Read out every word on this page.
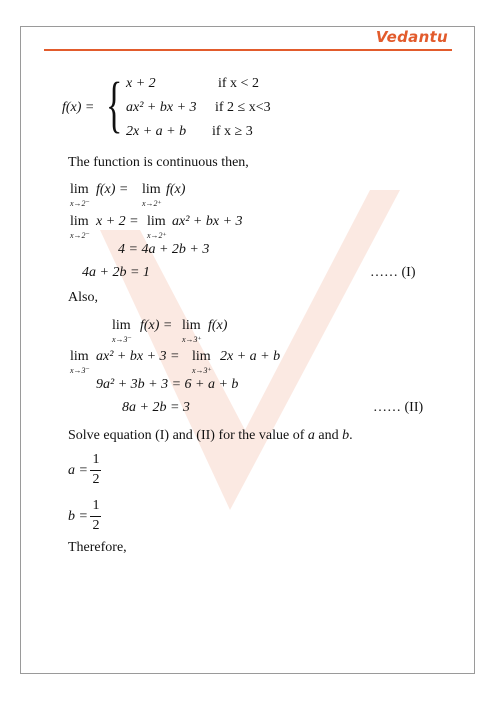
Vedantu
f(x) = { x + 2	if x < 2
ax² + bx + 3 if 2 ≤ x<3
2x + a + b if x ≥ 3
The function is continuous then,
lim
x→2⁻
f(x) = lim
x→2⁺
f(x)
lim
x→2⁻
x + 2 = lim
x→2⁺
ax² + bx + 3
4 = 4a + 2b + 3
4a + 2b = 1	…… (I)
Also,
lim
x→3⁻
f(x) = lim
x→3⁺
f(x)
lim
x→3⁻
ax² + bx + 3 = lim
x→3⁺
2x + a + b
9a² + 3b + 3 = 6 + a + b
8a + 2b = 3	…… (II)
Solve equation (I) and (II) for the value of a and b.
a =
1
2
b =
1
2
Therefore,
